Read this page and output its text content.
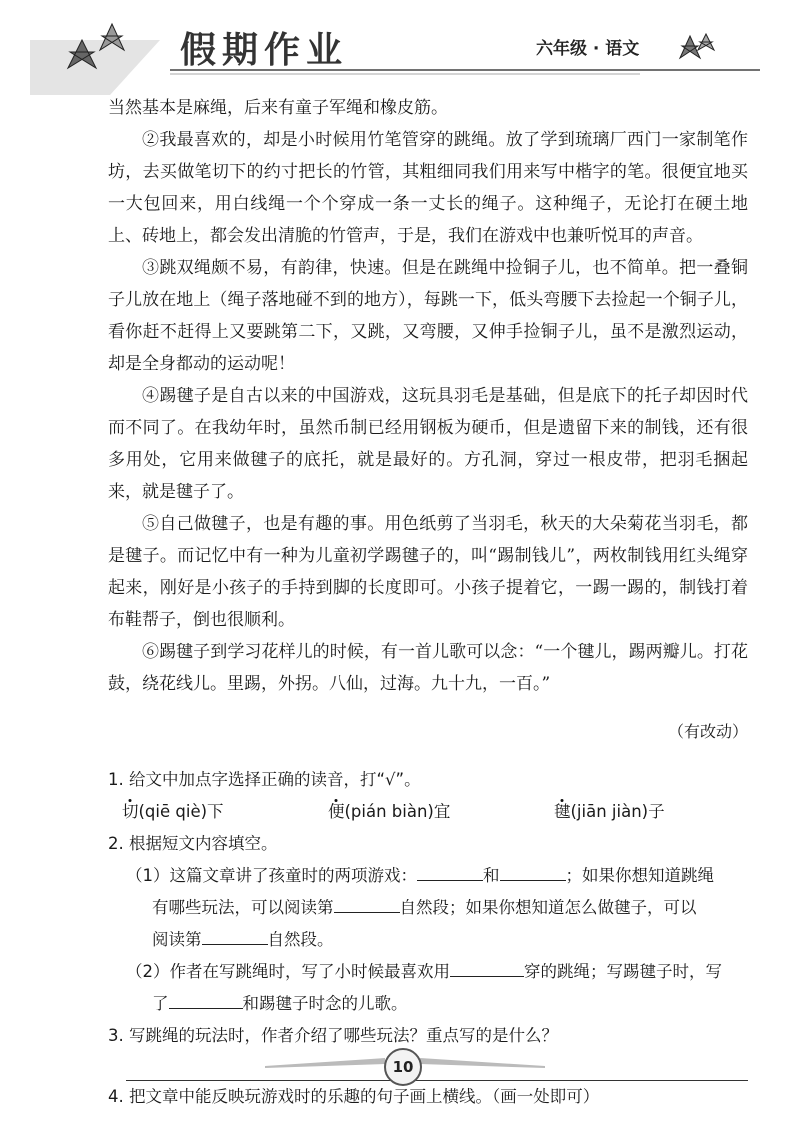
假期作业	六年级 · 语文

当然基本是麻绳，后来有童子军绳和橡皮筋。

②我最喜欢的，却是小时候用竹笔管穿的跳绳。放了学到琉璃厂西门一家制笔作坊，去买做笔切下的约寸把长的竹管，其粗细同我们用来写中楷字的笔。很便宜地买一大包回来，用白线绳一个个穿成一条一丈长的绳子。这种绳子，无论打在硬土地上、砖地上，都会发出清脆的竹管声，于是，我们在游戏中也兼听悦耳的声音。

③跳双绳颇不易，有韵律，快速。但是在跳绳中捡铜子儿，也不简单。把一叠铜子儿放在地上（绳子落地碰不到的地方），每跳一下，低头弯腰下去捡起一个铜子儿，看你赶不赶得上又要跳第二下，又跳，又弯腰，又伸手捡铜子儿，虽不是激烈运动，却是全身都动的运动呢！

④踢毽子是自古以来的中国游戏，这玩具羽毛是基础，但是底下的托子却因时代而不同了。在我幼年时，虽然币制已经用钢板为硬币，但是遗留下来的制钱，还有很多用处，它用来做毽子的底托，就是最好的。方孔洞，穿过一根皮带，把羽毛捆起来，就是毽子了。

⑤自己做毽子，也是有趣的事。用色纸剪了当羽毛，秋天的大朵菊花当羽毛，都是毽子。而记忆中有一种为儿童初学踢毽子的，叫“踢制钱儿”，两枚制钱用红头绳穿起来，刚好是小孩子的手持到脚的长度即可。小孩子提着它，一踢一踢的，制钱打着布鞋帮子，倒也很顺利。

⑥踢毽子到学习花样儿的时候，有一首儿歌可以念：“一个毽儿，踢两瓣儿。打花鼓，绕花线儿。里踢，外拐。八仙，过海。九十九，一百。”

（有改动）

1. 给文中加点字选择正确的读音，打“√”。

切(qiē qiè)下	便(pián biàn)宜	毽(jiān jiàn)子

2. 根据短文内容填空。

（1）这篇文章讲了孩童时的两项游戏：	和	；如果你想知道跳绳

有哪些玩法，可以阅读第	自然段；如果你想知道怎么做毽子，可以

阅读第	自然段。

（2）作者在写跳绳时，写了小时候最喜欢用	穿的跳绳；写踢毽子时，写

了	和踢毽子时念的儿歌。

3. 写跳绳的玩法时，作者介绍了哪些玩法？重点写的是什么？

4. 把文章中能反映玩游戏时的乐趣的句子画上横线。（画一处即可）

10
